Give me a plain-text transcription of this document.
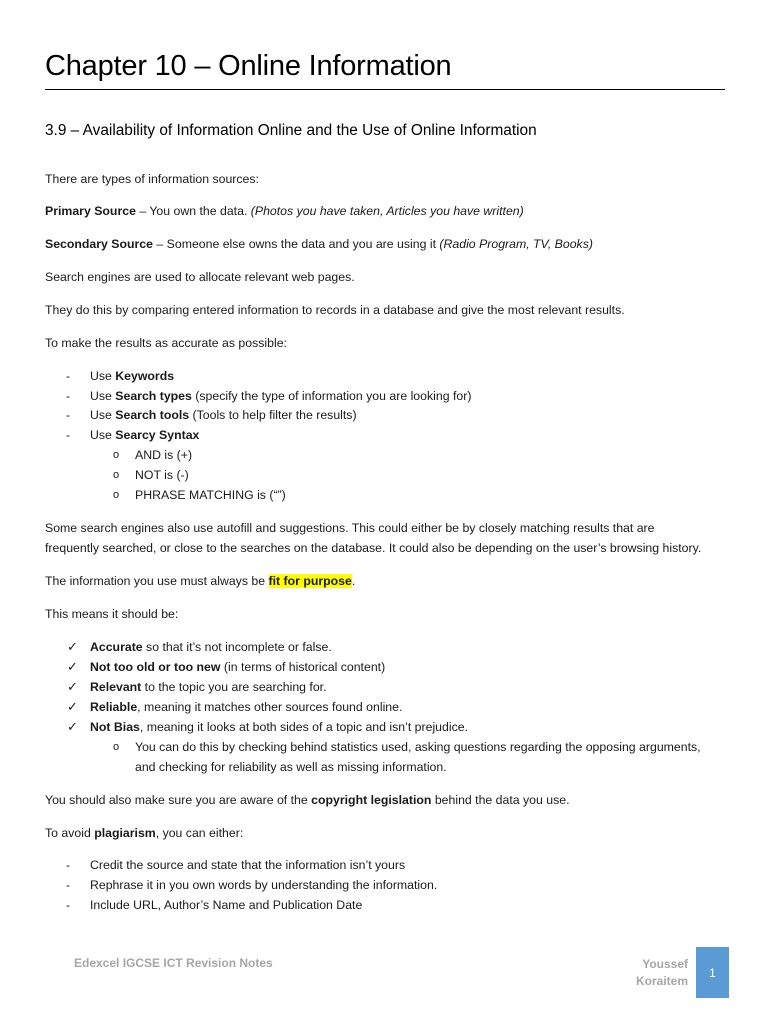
Chapter 10 – Online Information
3.9 – Availability of Information Online and the Use of Online Information
There are types of information sources:
Primary Source – You own the data. (Photos you have taken, Articles you have written)
Secondary Source – Someone else owns the data and you are using it (Radio Program, TV, Books)
Search engines are used to allocate relevant web pages.
They do this by comparing entered information to records in a database and give the most relevant results.
To make the results as accurate as possible:
- Use Keywords
- Use Search types (specify the type of information you are looking for)
- Use Search tools (Tools to help filter the results)
- Use Searcy Syntax
o AND is (+)
o NOT is (-)
o PHRASE MATCHING is (“”)
Some search engines also use autofill and suggestions. This could either be by closely matching results that are
frequently searched, or close to the searches on the database. It could also be depending on the user’s browsing history.
The information you use must always be fit for purpose.
This means it should be:
✓ Accurate so that it’s not incomplete or false.
✓ Not too old or too new (in terms of historical content)
✓ Relevant to the topic you are searching for.
✓ Reliable, meaning it matches other sources found online.
✓ Not Bias, meaning it looks at both sides of a topic and isn’t prejudice.
o You can do this by checking behind statistics used, asking questions regarding the opposing arguments,
and checking for reliability as well as missing information.
You should also make sure you are aware of the copyright legislation behind the data you use.
To avoid plagiarism, you can either:
- Credit the source and state that the information isn’t yours
- Rephrase it in you own words by understanding the information.
- Include URL, Author’s Name and Publication Date
Edexcel IGCSE ICT Revision Notes	Youssef
Koraitem
1
